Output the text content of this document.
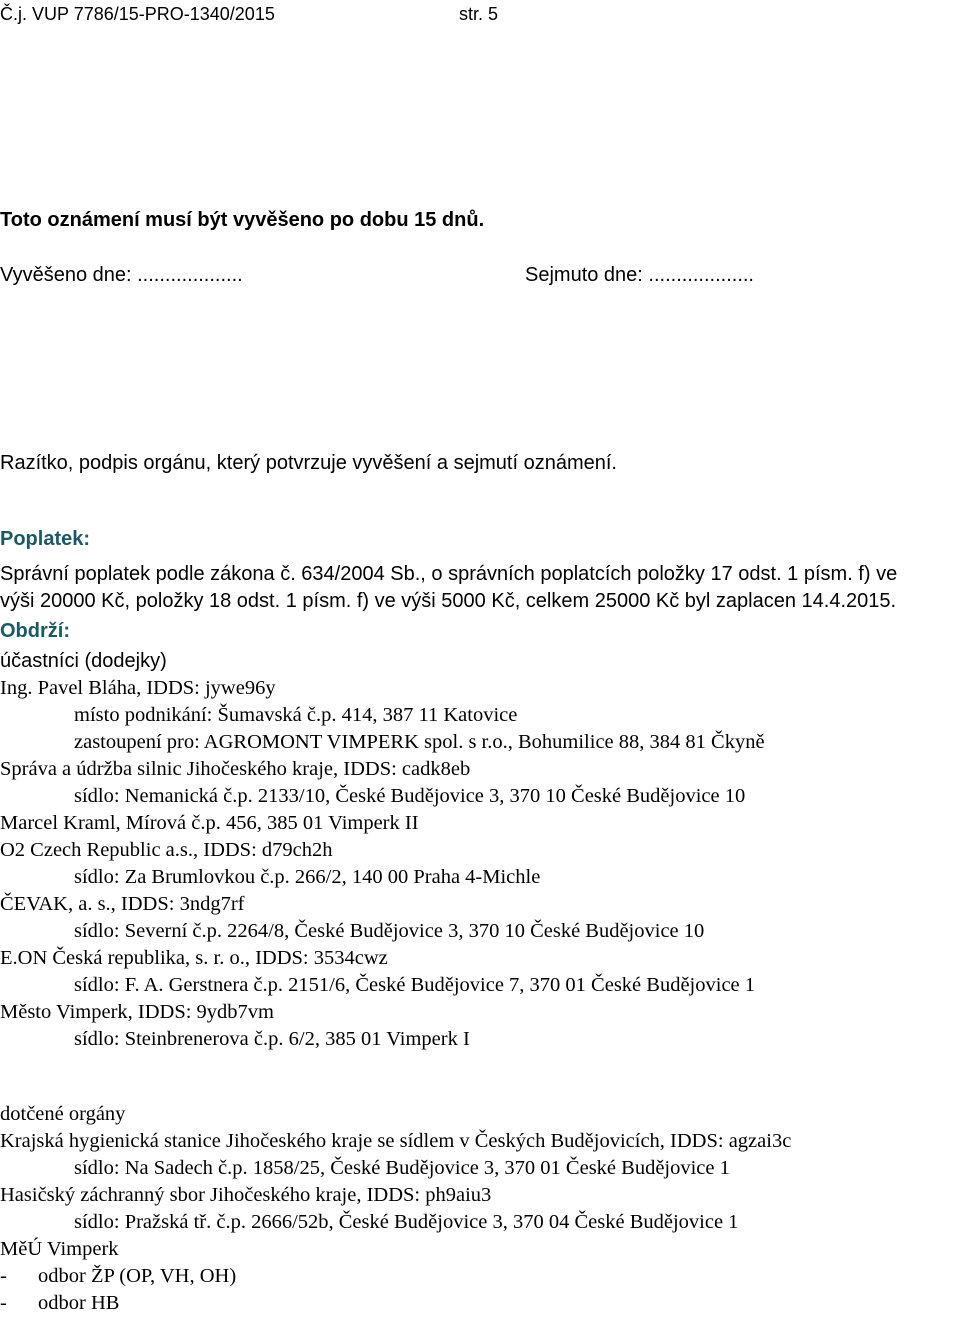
Č.j. VUP 7786/15-PRO-1340/2015	str. 5
Toto oznámení musí být vyvěšeno po dobu 15 dnů.
Vyvěšeno dne: ...................	Sejmuto dne: ...................
Razítko, podpis orgánu, který potvrzuje vyvěšení a sejmutí oznámení.
Poplatek:
Správní poplatek podle zákona č. 634/2004 Sb., o správních poplatcích položky 17 odst. 1 písm. f) ve
výši 20000 Kč, položky 18 odst. 1 písm. f) ve výši 5000 Kč, celkem 25000 Kč byl zaplacen 14.4.2015.
Obdrží:
účastníci (dodejky)
Ing. Pavel Bláha, IDDS: jywe96y
místo podnikání: Šumavská č.p. 414, 387 11 Katovice
zastoupení pro: AGROMONT VIMPERK spol. s r.o., Bohumilice 88, 384 81 Čkyně
Správa a údržba silnic Jihočeského kraje, IDDS: cadk8eb
sídlo: Nemanická č.p. 2133/10, České Budějovice 3, 370 10 České Budějovice 10
Marcel Kraml, Mírová č.p. 456, 385 01 Vimperk II
O2 Czech Republic a.s., IDDS: d79ch2h
sídlo: Za Brumlovkou č.p. 266/2, 140 00 Praha 4-Michle
ČEVAK, a. s., IDDS: 3ndg7rf
sídlo: Severní č.p. 2264/8, České Budějovice 3, 370 10 České Budějovice 10
E.ON Česká republika, s. r. o., IDDS: 3534cwz
sídlo: F. A. Gerstnera č.p. 2151/6, České Budějovice 7, 370 01 České Budějovice 1
Město Vimperk, IDDS: 9ydb7vm
sídlo: Steinbrenerova č.p. 6/2, 385 01 Vimperk I
dotčené orgány
Krajská hygienická stanice Jihočeského kraje se sídlem v Českých Budějovicích, IDDS: agzai3c
sídlo: Na Sadech č.p. 1858/25, České Budějovice 3, 370 01 České Budějovice 1
Hasičský záchranný sbor Jihočeského kraje, IDDS: ph9aiu3
sídlo: Pražská tř. č.p. 2666/52b, České Budějovice 3, 370 04 České Budějovice 1
MěÚ Vimperk
- odbor ŽP (OP, VH, OH)
- odbor HB
